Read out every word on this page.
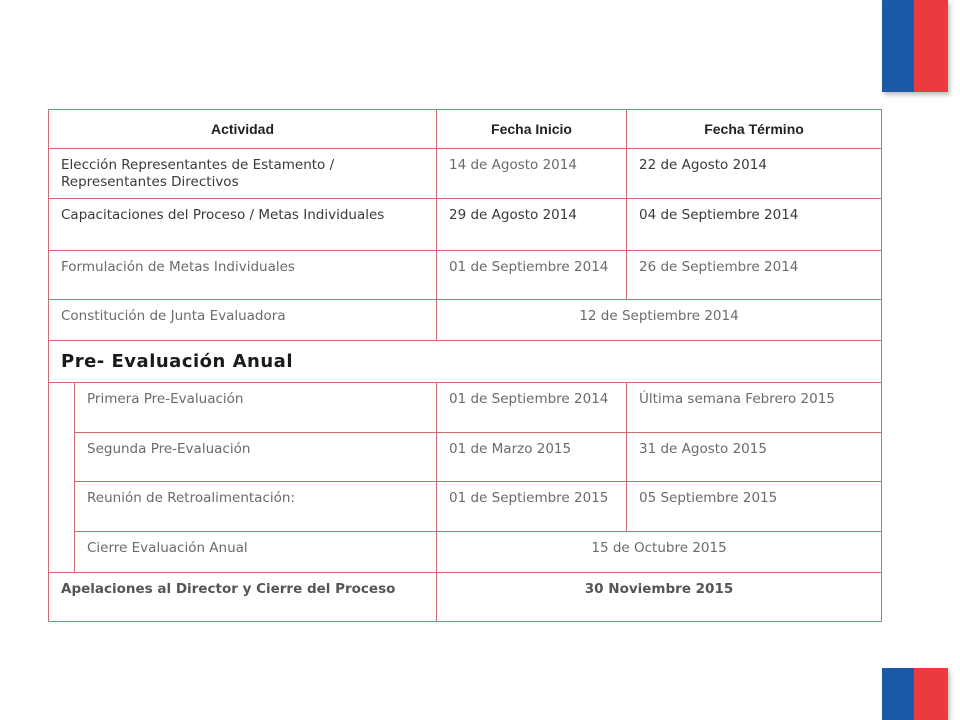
Actividad		Fecha Inicio	Fecha Término
Elección Representantes de Estamento / Representantes Directivos		14 de Agosto 2014	22 de Agosto 2014
Capacitaciones del Proceso / Metas Individuales		29 de Agosto 2014	04 de Septiembre 2014
Formulación de Metas Individuales		01 de Septiembre 2014	26 de Septiembre 2014
Constitución de Junta Evaluadora		12 de Septiembre 2014	
Pre- Evaluación Anual			
	Primera Pre-Evaluación	01 de Septiembre 2014	Última semana Febrero 2015
	Segunda Pre-Evaluación	01 de Marzo 2015	31 de Agosto 2015
	Reunión de Retroalimentación:	01 de Septiembre 2015	05 Septiembre 2015
	Cierre Evaluación Anual	15 de Octubre 2015	
Apelaciones al Director y Cierre del Proceso		30 Noviembre 2015	
